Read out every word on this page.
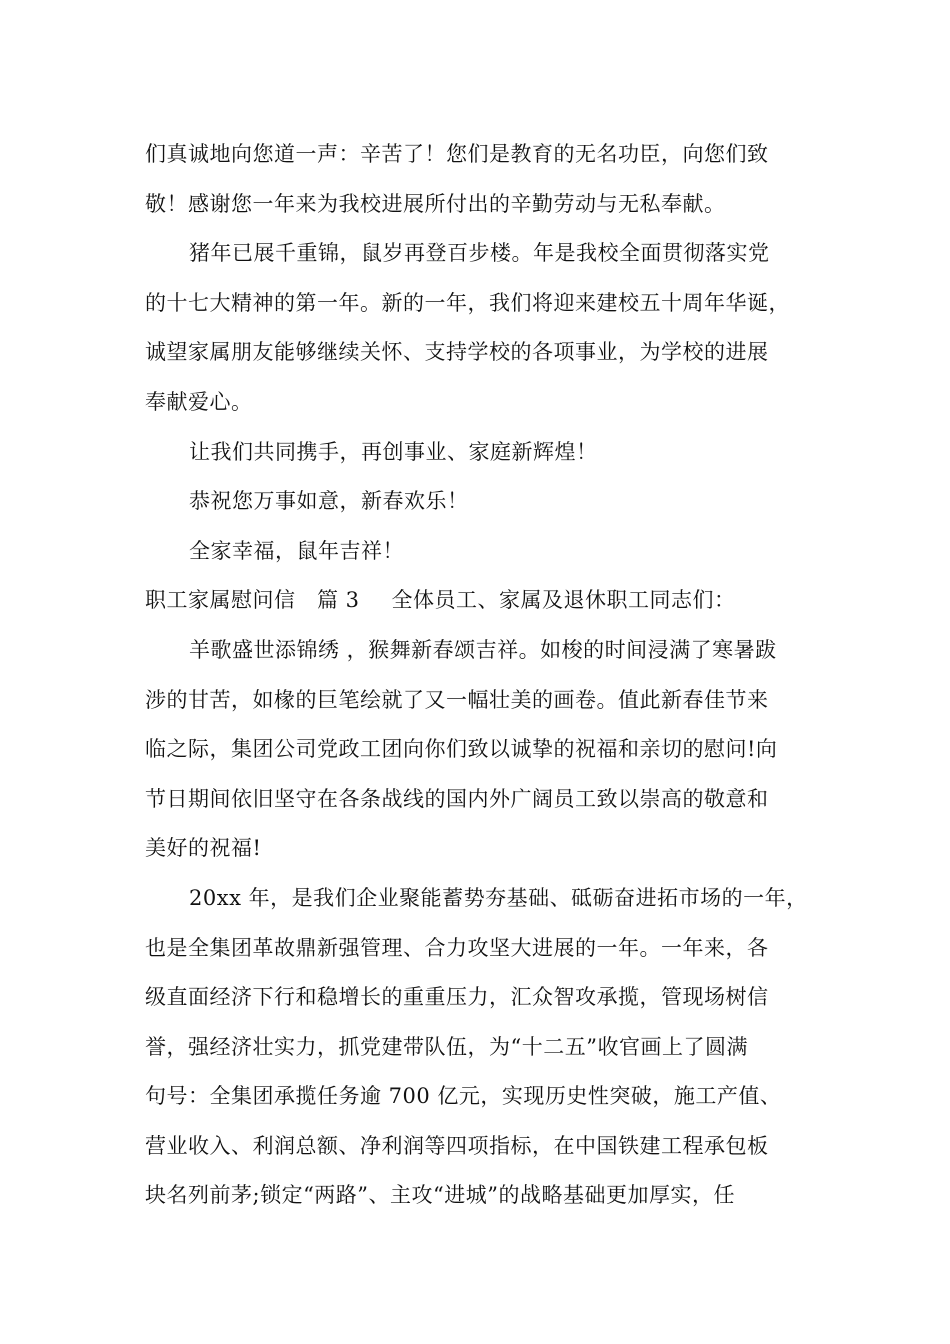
们真诚地向您道一声：辛苦了！您们是教育的无名功臣，向您们致
敬！感谢您一年来为我校进展所付出的辛勤劳动与无私奉献。
猪年已展千重锦，鼠岁再登百步楼。年是我校全面贯彻落实党
的十七大精神的第一年。新的一年，我们将迎来建校五十周年华诞，
诚望家属朋友能够继续关怀、支持学校的各项事业，为学校的进展
奉献爱心。
让我们共同携手，再创事业、家庭新辉煌！
恭祝您万事如意，新春欢乐！
全家幸福，鼠年吉祥！
职工家属慰问信　篇 3 全体员工、家属及退休职工同志们：
羊歌盛世添锦绣 ，猴舞新春颂吉祥。如梭的时间浸满了寒暑跋
涉的甘苦，如椽的巨笔绘就了又一幅壮美的画卷。值此新春佳节来
临之际，集团公司党政工团向你们致以诚挚的祝福和亲切的慰问!向
节日期间依旧坚守在各条战线的国内外广阔员工致以崇高的敬意和
美好的祝福!
20xx 年，是我们企业聚能蓄势夯基础、砥砺奋进拓市场的一年，
也是全集团革故鼎新强管理、合力攻坚大进展的一年。一年来，各
级直面经济下行和稳增长的重重压力，汇众智攻承揽，管现场树信
誉，强经济壮实力，抓党建带队伍，为“十二五”收官画上了圆满
句号：全集团承揽任务逾 700 亿元，实现历史性突破，施工产值、
营业收入、利润总额、净利润等四项指标，在中国铁建工程承包板
块名列前茅;锁定“两路”、主攻“进城”的战略基础更加厚实，任
